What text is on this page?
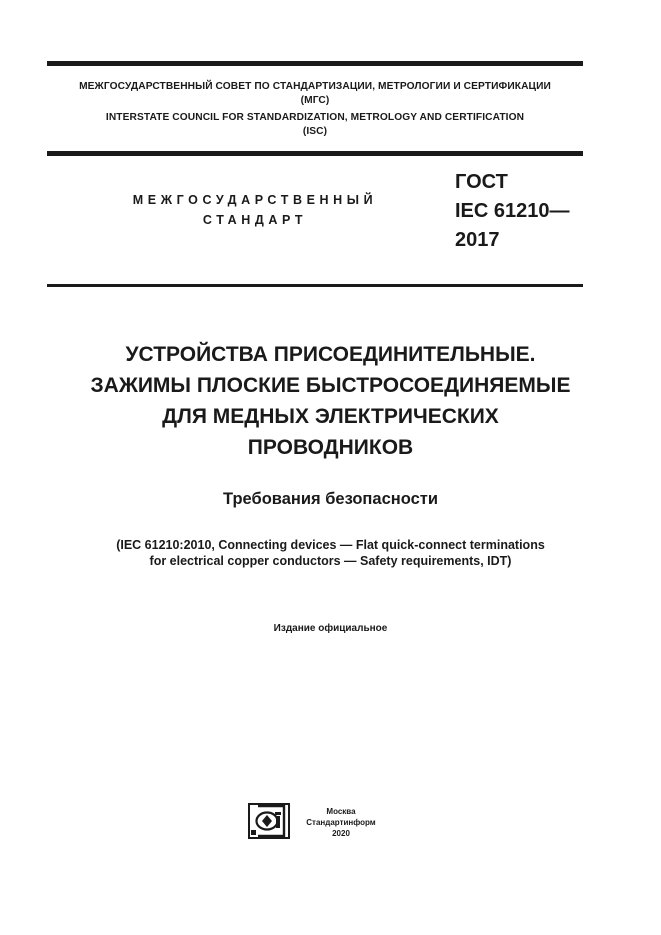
МЕЖГОСУДАРСТВЕННЫЙ СОВЕТ ПО СТАНДАРТИЗАЦИИ, МЕТРОЛОГИИ И СЕРТИФИКАЦИИ
(МГС)
INTERSTATE COUNCIL FOR STANDARDIZATION, METROLOGY AND CERTIFICATION
(ISC)
МЕЖГОСУДАРСТВЕННЫЙ
СТАНДАРТ
ГОСТ
IEC 61210—
2017
УСТРОЙСТВА ПРИСОЕДИНИТЕЛЬНЫЕ.
ЗАЖИМЫ ПЛОСКИЕ БЫСТРОСОЕДИНЯЕМЫЕ
ДЛЯ МЕДНЫХ ЭЛЕКТРИЧЕСКИХ
ПРОВОДНИКОВ
Требования безопасности
(IEC 61210:2010, Connecting devices — Flat quick-connect terminations
for electrical copper conductors — Safety requirements, IDT)
Издание официальное
Москва
Стандартинформ
2020
